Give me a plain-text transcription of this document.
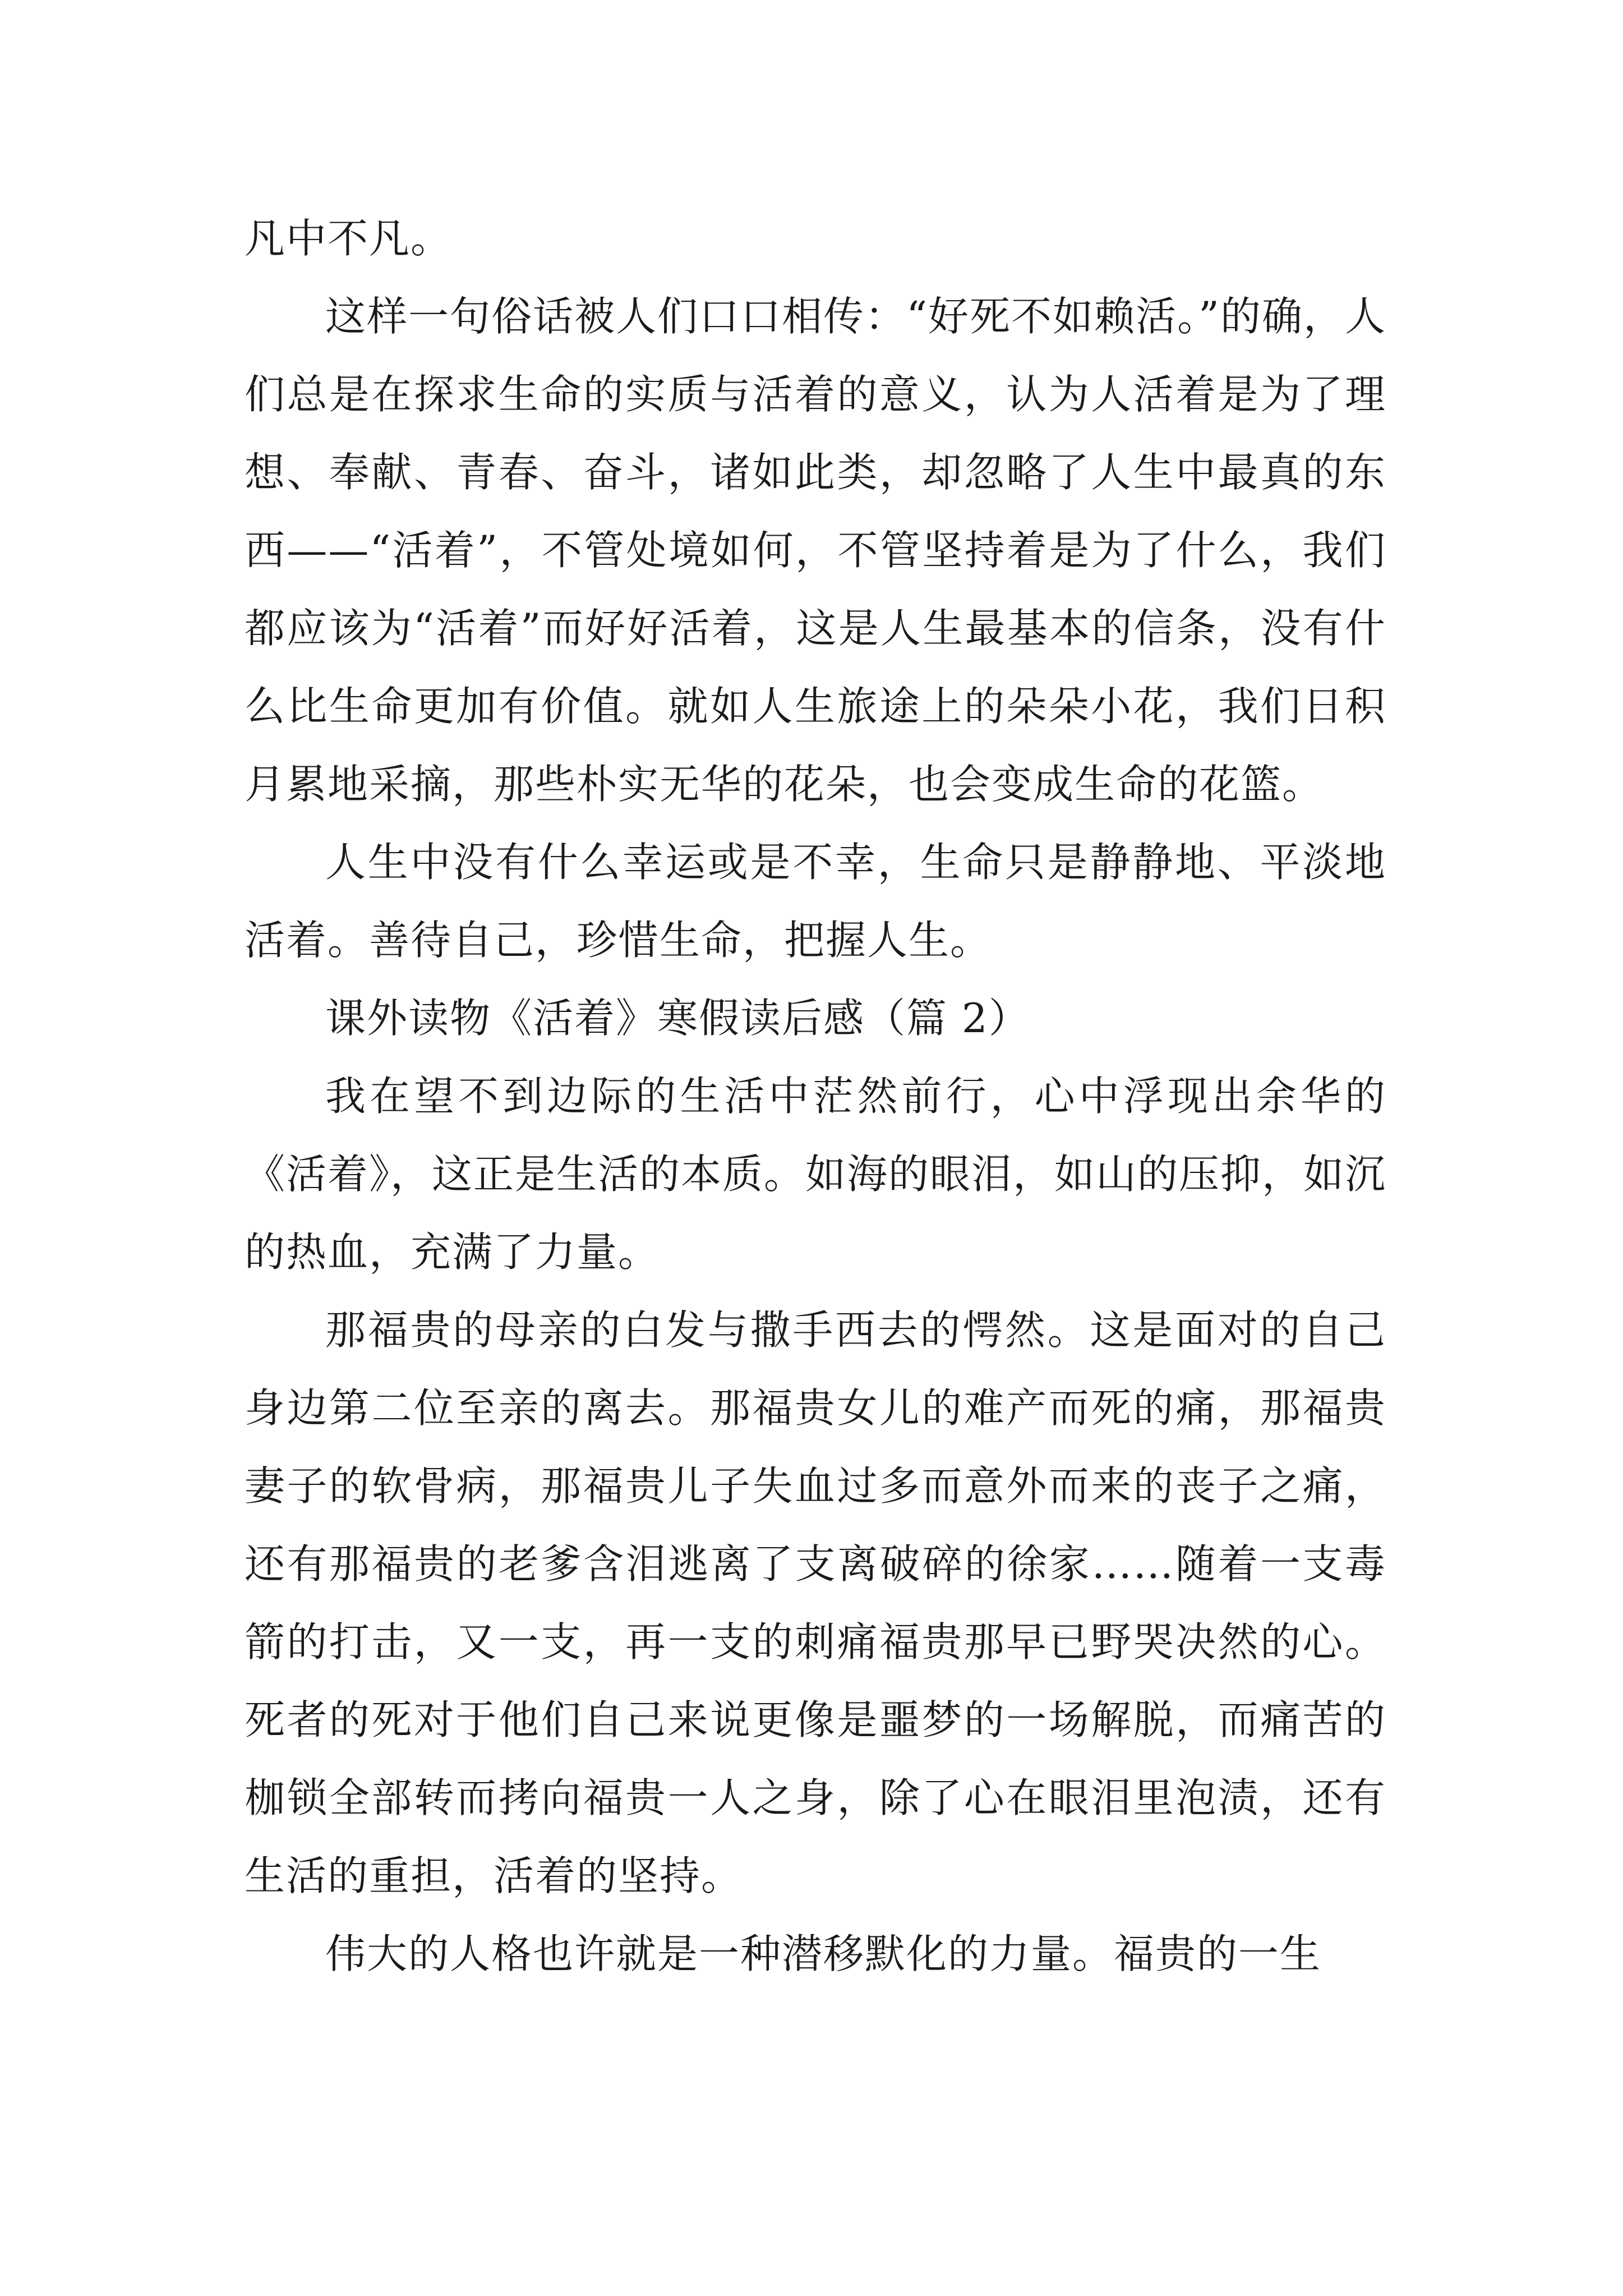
凡中不凡。

这样一句俗话被人们口口相传：“好死不如赖活。”的确，人们总是在探求生命的实质与活着的意义，认为人活着是为了理想、奉献、青春、奋斗，诸如此类，却忽略了人生中最真的东西——“活着”，不管处境如何，不管坚持着是为了什么，我们都应该为“活着”而好好活着，这是人生最基本的信条，没有什么比生命更加有价值。就如人生旅途上的朵朵小花，我们日积月累地采摘，那些朴实无华的花朵，也会变成生命的花篮。

人生中没有什么幸运或是不幸，生命只是静静地、平淡地活着。善待自己，珍惜生命，把握人生。

课外读物《活着》寒假读后感（篇 2）

我在望不到边际的生活中茫然前行，心中浮现出余华的《活着》，这正是生活的本质。如海的眼泪，如山的压抑，如沉的热血，充满了力量。

那福贵的母亲的白发与撒手西去的愕然。这是面对的自己身边第二位至亲的离去。那福贵女儿的难产而死的痛，那福贵妻子的软骨病，那福贵儿子失血过多而意外而来的丧子之痛，还有那福贵的老爹含泪逃离了支离破碎的徐家……随着一支毒箭的打击，又一支，再一支的刺痛福贵那早已野哭决然的心。死者的死对于他们自己来说更像是噩梦的一场解脱，而痛苦的枷锁全部转而拷向福贵一人之身，除了心在眼泪里泡渍，还有生活的重担，活着的坚持。

伟大的人格也许就是一种潜移默化的力量。福贵的一生
